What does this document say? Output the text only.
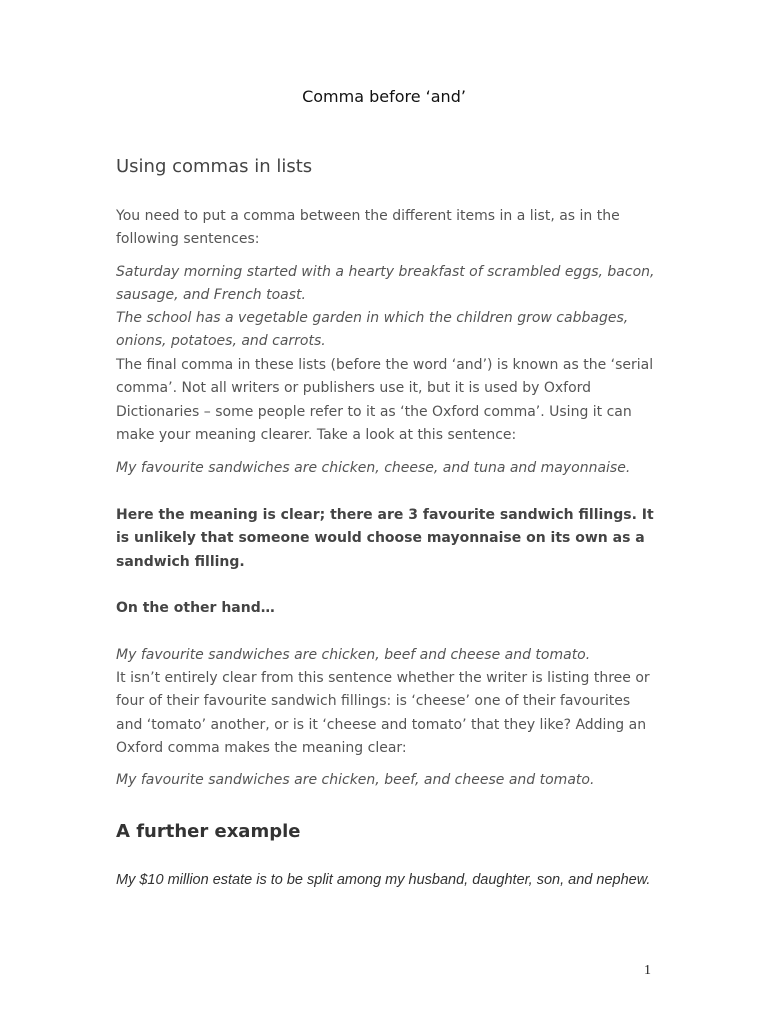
Comma before ‘and’
Using commas in lists

You need to put a comma between the different items in a list, as in the following sentences:

Saturday morning started with a hearty breakfast of scrambled eggs, bacon, sausage, and French toast.

The school has a vegetable garden in which the children grow cabbages, onions, potatoes, and carrots.

The final comma in these lists (before the word ‘and’) is known as the ‘serial comma’. Not all writers or publishers use it, but it is used by Oxford Dictionaries – some people refer to it as ‘the Oxford comma’. Using it can make your meaning clearer. Take a look at this sentence:

My favourite sandwiches are chicken, cheese, and tuna and mayonnaise.

Here the meaning is clear; there are 3 favourite sandwich fillings. It is unlikely that someone would choose mayonnaise on its own as a sandwich filling.

On the other hand…

My favourite sandwiches are chicken, beef and cheese and tomato.

It isn’t entirely clear from this sentence whether the writer is listing three or four of their favourite sandwich fillings: is ‘cheese’ one of their favourites and ‘tomato’ another, or is it ‘cheese and tomato’ that they like? Adding an Oxford comma makes the meaning clear:

My favourite sandwiches are chicken, beef, and cheese and tomato.

A further example

My $10 million estate is to be split among my husband, daughter, son, and nephew.

1
